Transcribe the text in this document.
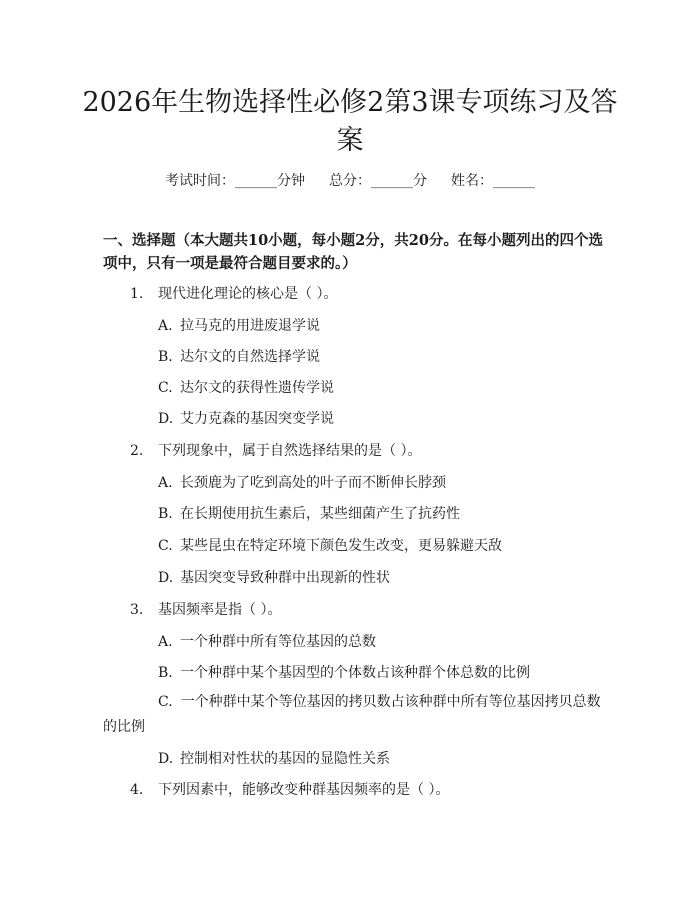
2026年生物选择性必修2第3课专项练习及答案
考试时间：______分钟 总分：______分 姓名：______
一、选择题（本大题共10小题，每小题2分，共20分。在每小题列出的四个选项中，只有一项是最符合题目要求的。）
1. 现代进化理论的核心是（ ）。
A. 拉马克的用进废退学说
B. 达尔文的自然选择学说
C. 达尔文的获得性遗传学说
D. 艾力克森的基因突变学说
2. 下列现象中，属于自然选择结果的是（ ）。
A. 长颈鹿为了吃到高处的叶子而不断伸长脖颈
B. 在长期使用抗生素后，某些细菌产生了抗药性
C. 某些昆虫在特定环境下颜色发生改变，更易躲避天敌
D. 基因突变导致种群中出现新的性状
3. 基因频率是指（ ）。
A. 一个种群中所有等位基因的总数
B. 一个种群中某个基因型的个体数占该种群个体总数的比例
C. 一个种群中某个等位基因的拷贝数占该种群中所有等位基因拷贝总数的比例
D. 控制相对性状的基因的显隐性关系
4. 下列因素中，能够改变种群基因频率的是（ ）。
